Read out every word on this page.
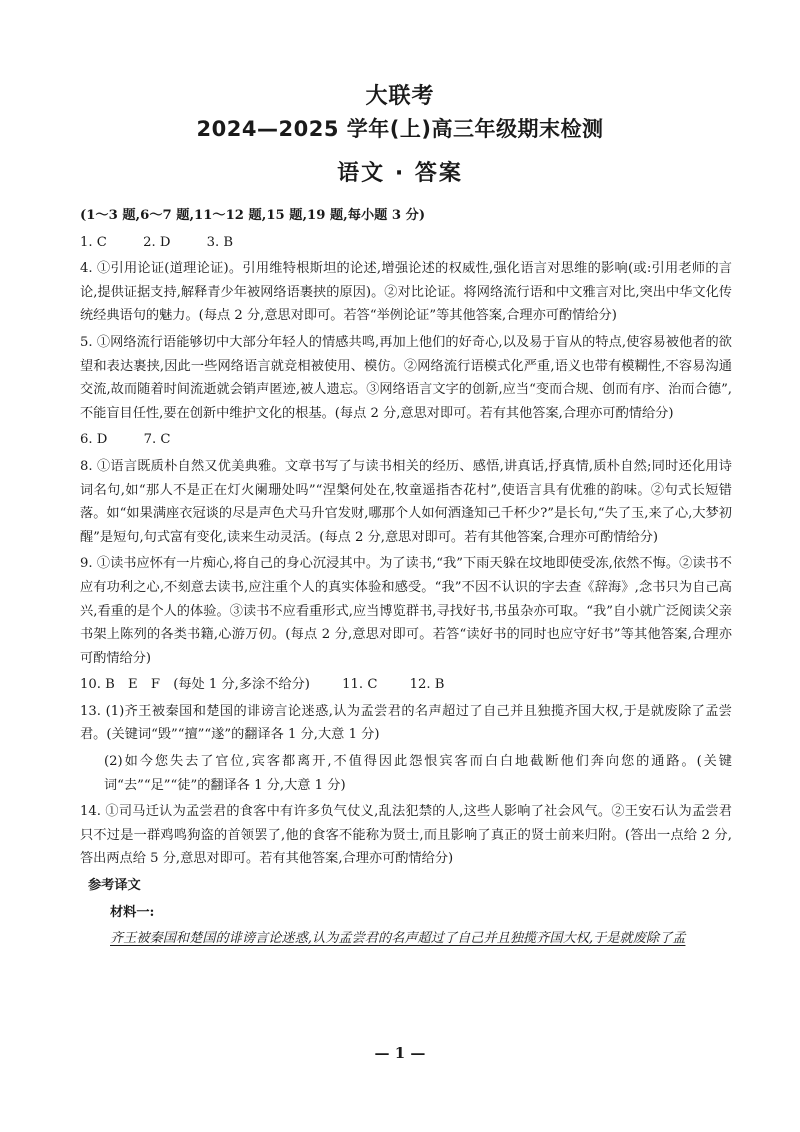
大联考
2024—2025 学年(上)高三年级期末检测
语文 · 答案

(1～3 题,6～7 题,11～12 题,15 题,19 题,每小题 3 分)

1. C	2. D	3. B

4. ①引用论证(道理论证)。引用维特根斯坦的论述,增强论述的权威性,强化语言对思维的影响(或:引用老师的言论,提供证据支持,解释青少年被网络语裹挟的原因)。②对比论证。将网络流行语和中文雅言对比,突出中华文化传统经典语句的魅力。(每点 2 分,意思对即可。若答“举例论证”等其他答案,合理亦可酌情给分)

5. ①网络流行语能够切中大部分年轻人的情感共鸣,再加上他们的好奇心,以及易于盲从的特点,使容易被他者的欲望和表达裹挟,因此一些网络语言就竞相被使用、模仿。②网络流行语模式化严重,语义也带有模糊性,不容易沟通交流,故而随着时间流逝就会销声匿迹,被人遗忘。③网络语言文字的创新,应当“变而合规、创而有序、治而合德”,不能盲目任性,要在创新中维护文化的根基。(每点 2 分,意思对即可。若有其他答案,合理亦可酌情给分)

6. D	7. C

8. ①语言既质朴自然又优美典雅。文章书写了与读书相关的经历、感悟,讲真话,抒真情,质朴自然;同时还化用诗词名句,如“那人不是正在灯火阑珊处吗”“涅槃何处在,牧童遥指杏花村”,使语言具有优雅的韵味。②句式长短错落。如“如果满座衣冠谈的尽是声色犬马升官发财,哪那个人如何酒逢知己千杯少?”是长句,“失了玉,来了心,大梦初醒”是短句,句式富有变化,读来生动灵活。(每点 2 分,意思对即可。若有其他答案,合理亦可酌情给分)

9. ①读书应怀有一片痴心,将自己的身心沉浸其中。为了读书,“我”下雨天躲在坟地即使受冻,依然不悔。②读书不应有功利之心,不刻意去读书,应注重个人的真实体验和感受。“我”不因不认识的字去查《辞海》,念书只为自己高兴,看重的是个人的体验。③读书不应看重形式,应当博览群书,寻找好书,书虽杂亦可取。“我”自小就广泛阅读父亲书架上陈列的各类书籍,心游万仞。(每点 2 分,意思对即可。若答“读好书的同时也应守好书”等其他答案,合理亦可酌情给分)

10. B　E　F　(每处 1 分,多涂不给分) 11. C 12. B

13. (1)齐王被秦国和楚国的诽谤言论迷惑,认为孟尝君的名声超过了自己并且独揽齐国大权,于是就废除了孟尝君。(关键词“毁”“擅”“遂”的翻译各 1 分,大意 1 分)

(2)如今您失去了官位,宾客都离开,不值得因此怨恨宾客而白白地截断他们奔向您的通路。(关键词“去”“足”“徒”的翻译各 1 分,大意 1 分)

14. ①司马迁认为孟尝君的食客中有许多负气仗义,乱法犯禁的人,这些人影响了社会风气。②王安石认为孟尝君只不过是一群鸡鸣狗盗的首领罢了,他的食客不能称为贤士,而且影响了真正的贤士前来归附。(答出一点给 2 分,答出两点给 5 分,意思对即可。若有其他答案,合理亦可酌情给分)

参考译文

材料一:

齐王被秦国和楚国的诽谤言论迷惑,认为孟尝君的名声超过了自己并且独揽齐国大权,于是就废除了孟

— 1 —
